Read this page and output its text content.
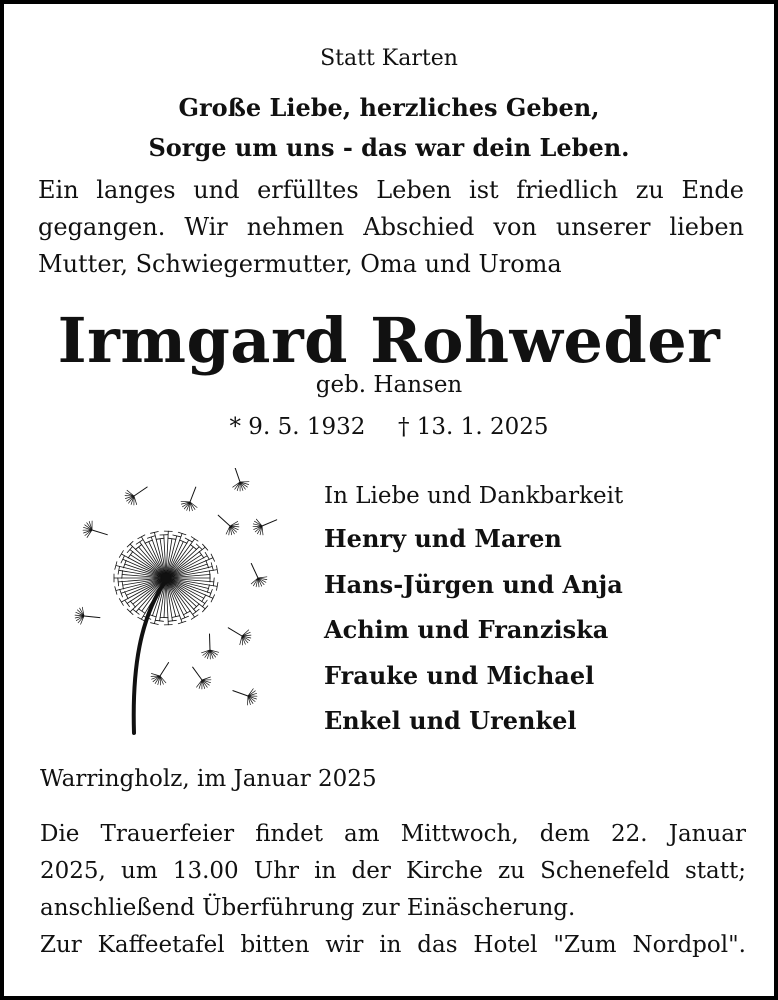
Statt Karten

Große Liebe, herzliches Geben,
Sorge um uns - das war dein Leben.
Ein langes und erfülltes Leben ist friedlich zu Ende
gegangen. Wir nehmen Abschied von unserer lieben
Mutter, Schwiegermutter, Oma und Uroma
Irmgard Rohweder

geb. Hansen

* 9. 5. 1932 † 13. 1. 2025

In Liebe und Dankbarkeit
Henry und Maren
Hans-Jürgen und Anja
Achim und Franziska
Frauke und Michael
Enkel und Urenkel

Warringholz, im Januar 2025

Die Trauerfeier findet am Mittwoch, dem 22. Januar
2025, um 13.00 Uhr in der Kirche zu Schenefeld statt;
anschließend Überführung zur Einäscherung.

Zur Kaffeetafel bitten wir in das Hotel "Zum Nordpol".
